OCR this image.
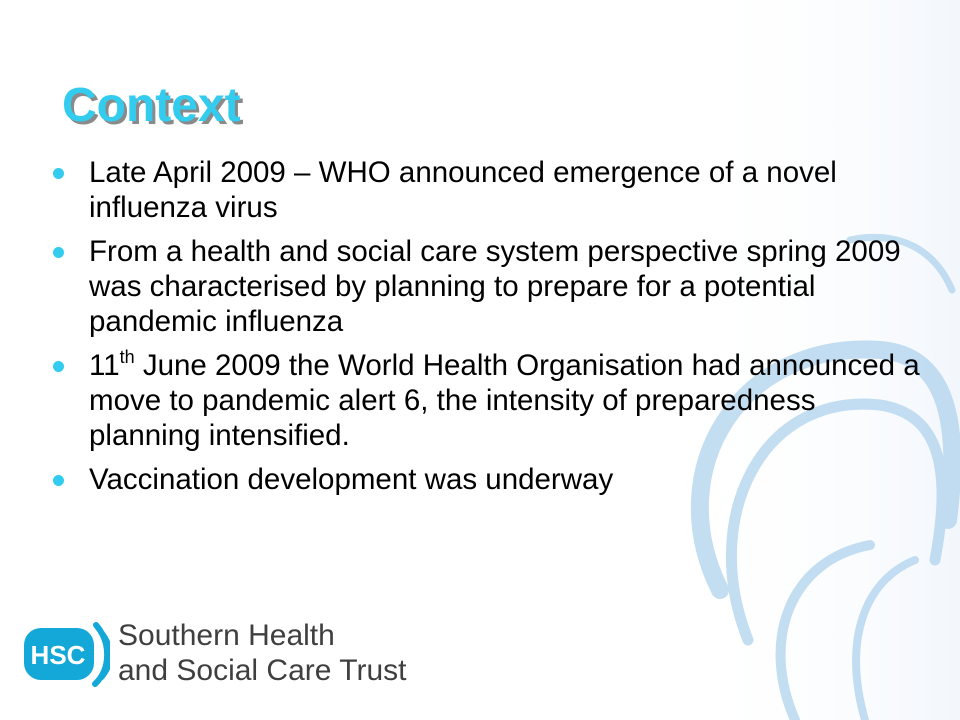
Context
Late April 2009 – WHO announced emergence of a novel influenza virus
From a health and social care system perspective spring 2009 was characterised by planning to prepare for a potential pandemic influenza
11th June 2009 the World Health Organisation had announced a move to pandemic alert 6, the intensity of preparedness planning intensified.
Vaccination development was underway
HSC
Southern Health
and Social Care Trust
